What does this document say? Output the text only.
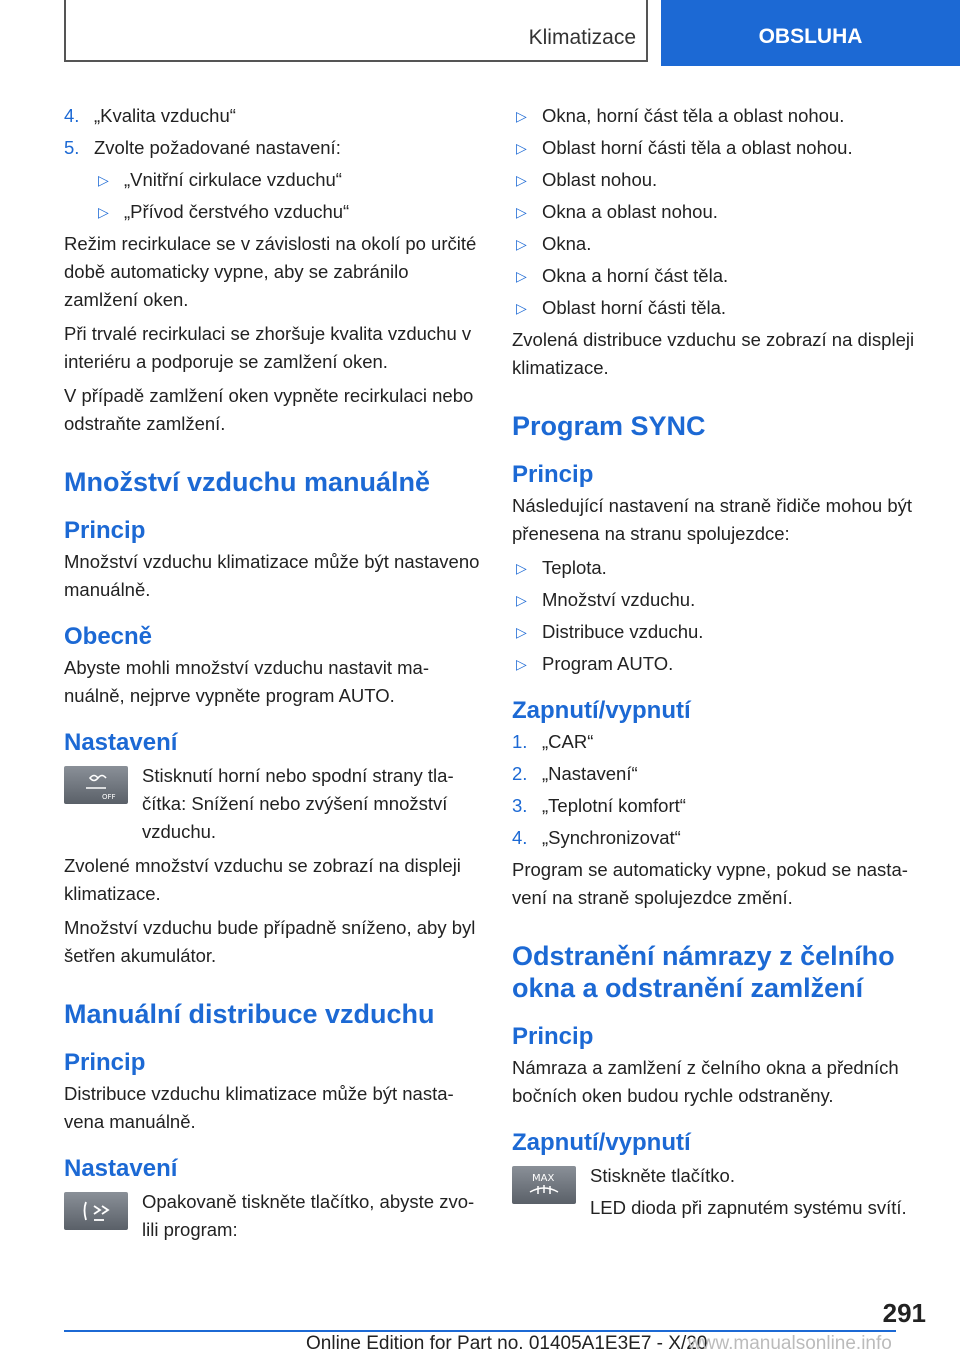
Klimatizace	OBSLUHA
4. „Kvalita vzduchu“
5. Zvolte požadované nastavení:
▷ „Vnitřní cirkulace vzduchu“
▷ „Přívod čerstvého vzduchu“

Režim recirkulace se v závislosti na okolí po určité době automaticky vypne, aby se zabránilo zamlžení oken.

Při trvalé recirkulaci se zhoršuje kvalita vzduchu v interiéru a podporuje se zamlžení oken.

V případě zamlžení oken vypněte recirkulaci nebo odstraňte zamlžení.

Množství vzduchu manuálně
Princip

Množství vzduchu klimatizace může být nastaveno manuálně.

Obecně

Abyste mohli množství vzduchu nastavit manuálně, nejprve vypněte program AUTO.

Nastavení
OFF
Stisknutí horní nebo spodní strany tlačítka: Snížení nebo zvýšení množství vzduchu.

Zvolené množství vzduchu se zobrazí na displeji klimatizace.

Množství vzduchu bude případně sníženo, aby byl šetřen akumulátor.

Manuální distribuce vzduchu
Princip

Distribuce vzduchu klimatizace může být nastavena manuálně.

Nastavení
Opakovaně tiskněte tlačítko, abyste zvolili program:
▷ Okna, horní část těla a oblast nohou.
▷ Oblast horní části těla a oblast nohou.
▷ Oblast nohou.
▷ Okna a oblast nohou.
▷ Okna.
▷ Okna a horní část těla.
▷ Oblast horní části těla.

Zvolená distribuce vzduchu se zobrazí na displeji klimatizace.

Program SYNC
Princip

Následující nastavení na straně řidiče mohou být přenesena na stranu spolujezdce:

▷ Teplota.
▷ Množství vzduchu.
▷ Distribuce vzduchu.
▷ Program AUTO.
Zapnutí/vypnutí
1. „CAR“
2. „Nastavení“
3. „Teplotní komfort“
4. „Synchronizovat“

Program se automaticky vypne, pokud se nastavení na straně spolujezdce změní.

Odstranění námrazy z čelního okna a odstranění zamlžení
Princip

Námraza a zamlžení z čelního okna a předních bočních oken budou rychle odstraněny.

Zapnutí/vypnutí
MAX Stiskněte tlačítko.

LED dioda při zapnutém systému svítí.

291
Online Edition for Part no. 01405A1E3E7 - X/20
www.manualsonline.info
